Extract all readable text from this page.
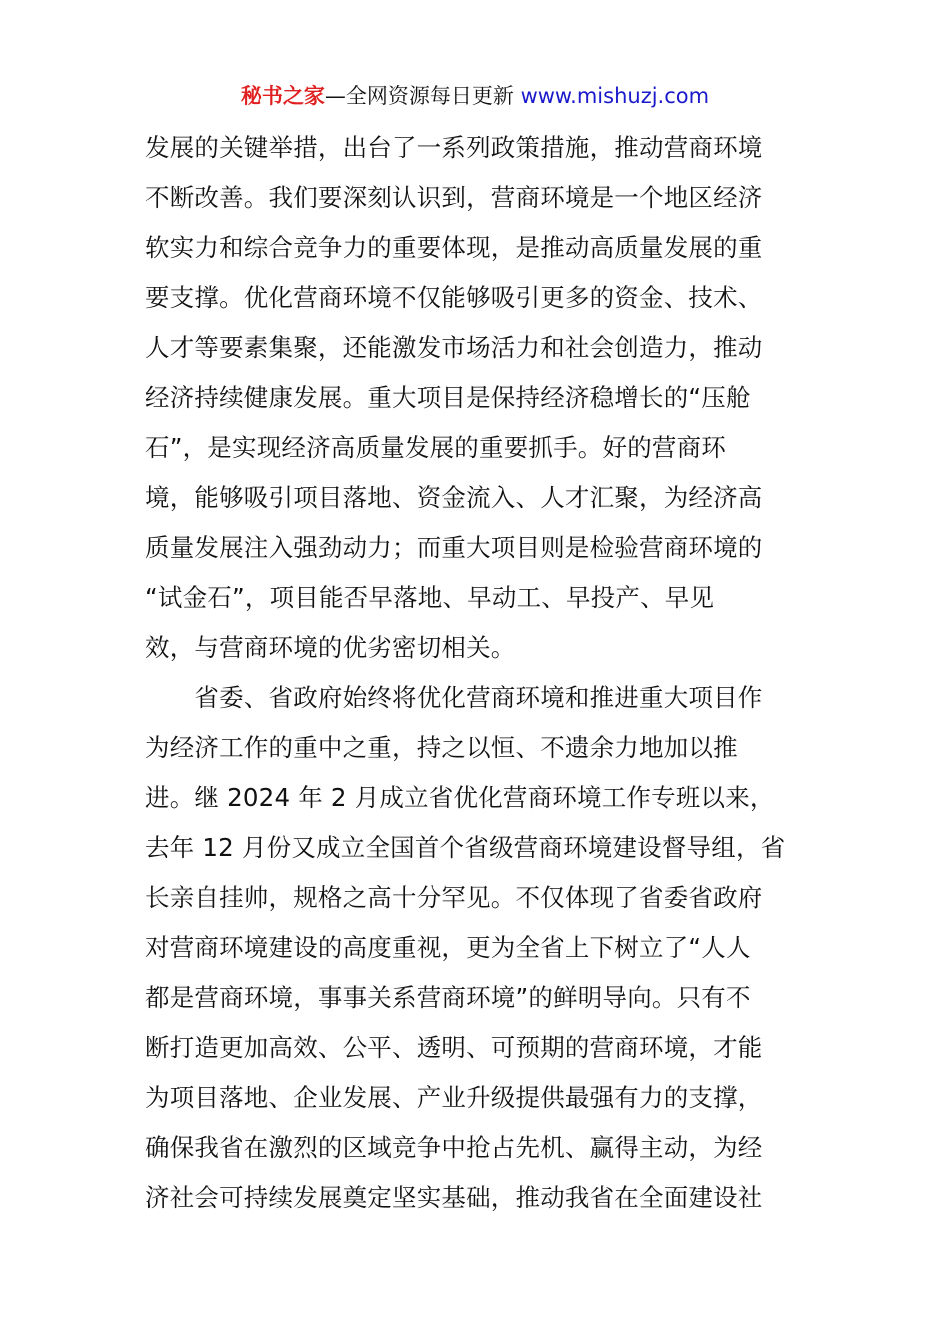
秘书之家—全网资源每日更新 www.mishuzj.com
发展的关键举措，出台了一系列政策措施，推动营商环境
不断改善。我们要深刻认识到，营商环境是一个地区经济
软实力和综合竞争力的重要体现，是推动高质量发展的重
要支撑。优化营商环境不仅能够吸引更多的资金、技术、
人才等要素集聚，还能激发市场活力和社会创造力，推动
经济持续健康发展。重大项目是保持经济稳增长的“压舱
石”，是实现经济高质量发展的重要抓手。好的营商环
境，能够吸引项目落地、资金流入、人才汇聚，为经济高
质量发展注入强劲动力；而重大项目则是检验营商环境的
“试金石”，项目能否早落地、早动工、早投产、早见
效，与营商环境的优劣密切相关。
　　省委、省政府始终将优化营商环境和推进重大项目作
为经济工作的重中之重，持之以恒、不遗余力地加以推
进。继 2024 年 2 月成立省优化营商环境工作专班以来，
去年 12 月份又成立全国首个省级营商环境建设督导组，省
长亲自挂帅，规格之高十分罕见。不仅体现了省委省政府
对营商环境建设的高度重视，更为全省上下树立了“人人
都是营商环境，事事关系营商环境”的鲜明导向。只有不
断打造更加高效、公平、透明、可预期的营商环境，才能
为项目落地、企业发展、产业升级提供最强有力的支撑，
确保我省在激烈的区域竞争中抢占先机、赢得主动，为经
济社会可持续发展奠定坚实基础，推动我省在全面建设社
